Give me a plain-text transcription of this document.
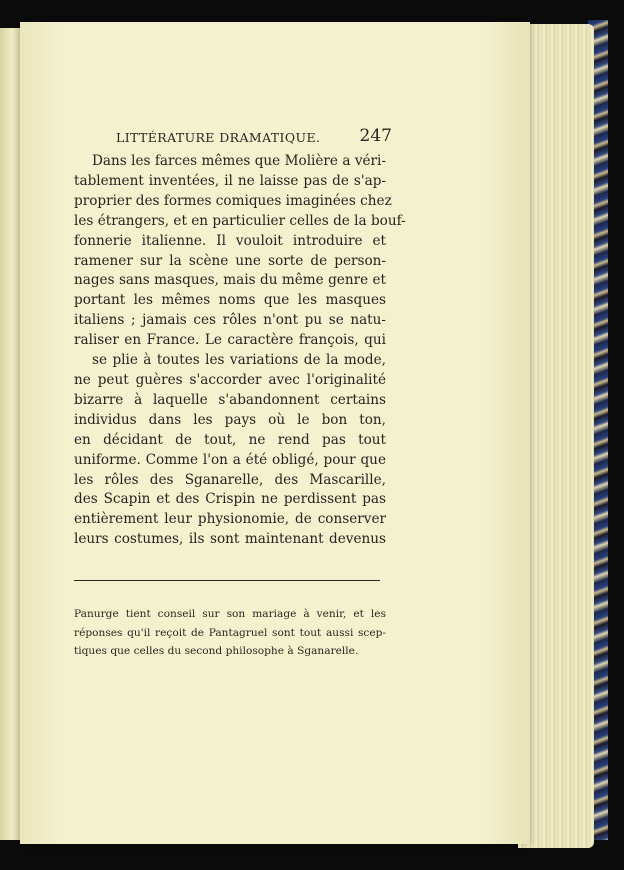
LITTÉRATURE DRAMATIQUE. 247
Dans les farces mêmes que Molière a véri-
tablement inventées, il ne laisse pas de s'ap-
proprier des formes comiques imaginées chez
les étrangers, et en particulier celles de la bouf-
fonnerie italienne. Il vouloit introduire et
ramener sur la scène une sorte de person-
nages sans masques, mais du même genre et
portant les mêmes noms que les masques
italiens ; jamais ces rôles n'ont pu se natu-
raliser en France. Le caractère françois, qui
se plie à toutes les variations de la mode,
ne peut guères s'accorder avec l'originalité
bizarre à laquelle s'abandonnent certains
individus dans les pays où le bon ton,
en décidant de tout, ne rend pas tout
uniforme. Comme l'on a été obligé, pour que
les rôles des Sganarelle, des Mascarille,
des Scapin et des Crispin ne perdissent pas
entièrement leur physionomie, de conserver
leurs costumes, ils sont maintenant devenus
Panurge tient conseil sur son mariage à venir, et les
réponses qu'il reçoit de Pantagruel sont tout aussi scep-
tiques que celles du second philosophe à Sganarelle.
